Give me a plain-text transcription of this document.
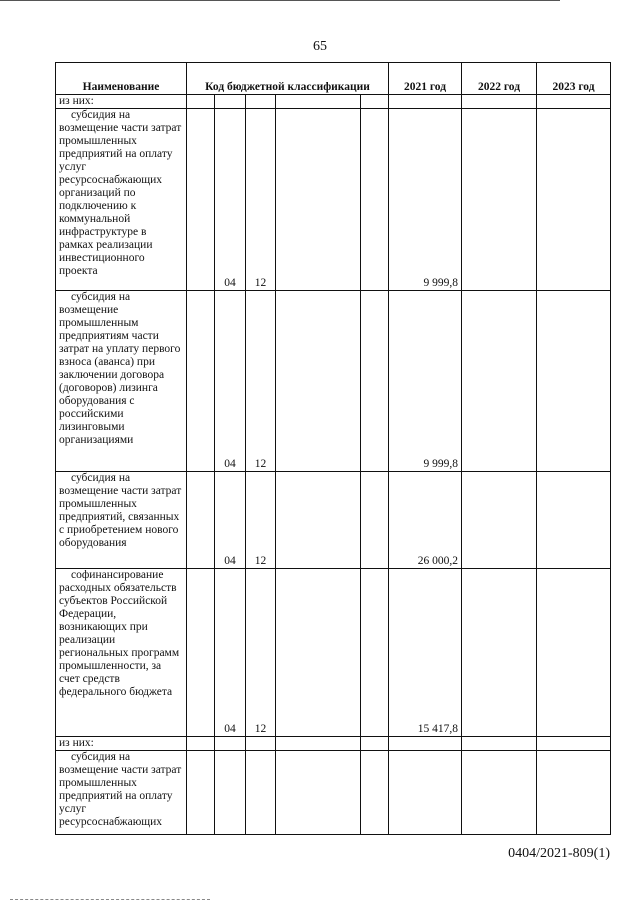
65
Наименование	Код бюджетной классификации					2021 год	2022 год	2023 год
из них:								

субсидия на возмещение части затрат промышленных предприятий на оплату услуг ресурсоснабжающих организаций по подключению к коммунальной инфраструктуре в рамках реализации инвестиционного проекта		04	12			9 999,8		

субсидия на возмещение промышленным предприятиям части затрат на уплату первого взноса (аванса) при заключении договора (договоров) лизинга оборудования с российскими лизинговыми организациями		04	12			9 999,8		

субсидия на возмещение части затрат промышленных предприятий, связанных с приобретением нового оборудования		04	12			26 000,2		

софинансирование расходных обязательств субъектов Российской Федерации, возникающих при реализации региональных программ промышленности, за счет средств федерального бюджета		04	12			15 417,8		
из них:								

субсидия на возмещение части затрат промышленных предприятий на оплату услуг ресурсоснабжающих								

0404/2021-809(1)
